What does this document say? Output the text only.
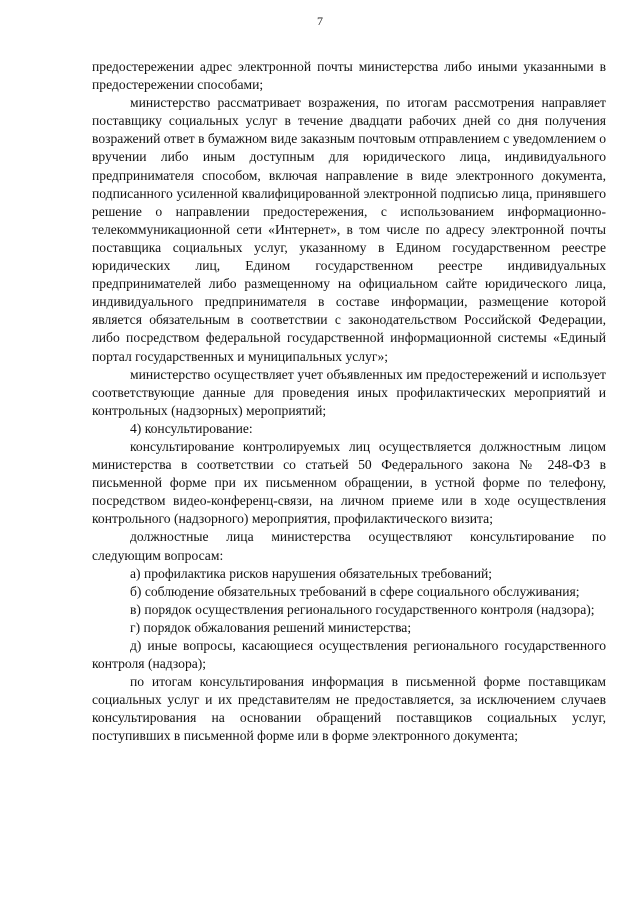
7

предостережении адрес электронной почты министерства либо иными указанными в предостережении способами;

министерство рассматривает возражения, по итогам рассмотрения направляет поставщику социальных услуг в течение двадцати рабочих дней со дня получения возражений ответ в бумажном виде заказным почтовым отправлением с уведомлением о вручении либо иным доступным для юридического лица, индивидуального предпринимателя способом, включая направление в виде электронного документа, подписанного усиленной квалифицированной электронной подписью лица, принявшего решение о направлении предостережения, с использованием информационно-телекоммуникационной сети «Интернет», в том числе по адресу электронной почты поставщика социальных услуг, указанному в Едином государственном реестре юридических лиц, Едином государственном реестре индивидуальных предпринимателей либо размещенному на официальном сайте юридического лица, индивидуального предпринимателя в составе информации, размещение которой является обязательным в соответствии с законодательством Российской Федерации, либо посредством федеральной государственной информационной системы «Единый портал государственных и муниципальных услуг»;

министерство осуществляет учет объявленных им предостережений и использует соответствующие данные для проведения иных профилактических мероприятий и контрольных (надзорных) мероприятий;

4) консультирование:

консультирование контролируемых лиц осуществляется должностным лицом министерства в соответствии со статьей 50 Федерального закона № 248-ФЗ в письменной форме при их письменном обращении, в устной форме по телефону, посредством видео-конференц-связи, на личном приеме или в ходе осуществления контрольного (надзорного) мероприятия, профилактического визита;

должностные лица министерства осуществляют консультирование по следующим вопросам:

а) профилактика рисков нарушения обязательных требований;

б) соблюдение обязательных требований в сфере социального обслуживания;

в) порядок осуществления регионального государственного контроля (надзора);

г) порядок обжалования решений министерства;

д) иные вопросы, касающиеся осуществления регионального государственного контроля (надзора);

по итогам консультирования информация в письменной форме поставщикам социальных услуг и их представителям не предоставляется, за исключением случаев консультирования на основании обращений поставщиков социальных услуг, поступивших в письменной форме или в форме электронного документа;
